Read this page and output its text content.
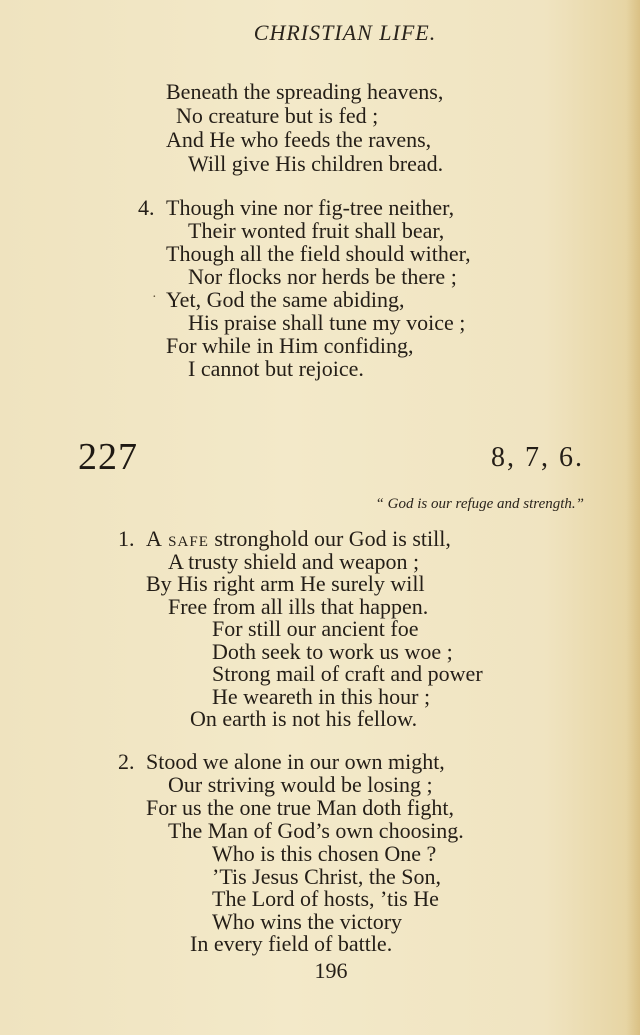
CHRISTIAN LIFE.
Beneath the spreading heavens,
No creature but is fed ;
And He who feeds the ravens,
Will give His children bread.
4. Though vine nor fig-tree neither,
Their wonted fruit shall bear,
Though all the field should wither,
Nor flocks nor herds be there ;
· Yet, God the same abiding,
His praise shall tune my voice ;
For while in Him confiding,
I cannot but rejoice.
227	8, 7, 6.
“ God is our refuge and strength.”
1. A safe stronghold our God is still,
A trusty shield and weapon ;
By His right arm He surely will
Free from all ills that happen.
For still our ancient foe
Doth seek to work us woe ;
Strong mail of craft and power
He weareth in this hour ;
On earth is not his fellow.
2. Stood we alone in our own might,
Our striving would be losing ;
For us the one true Man doth fight,
The Man of God’s own choosing.
Who is this chosen One ?
’Tis Jesus Christ, the Son,
The Lord of hosts, ’tis He
Who wins the victory
In every field of battle.
196
